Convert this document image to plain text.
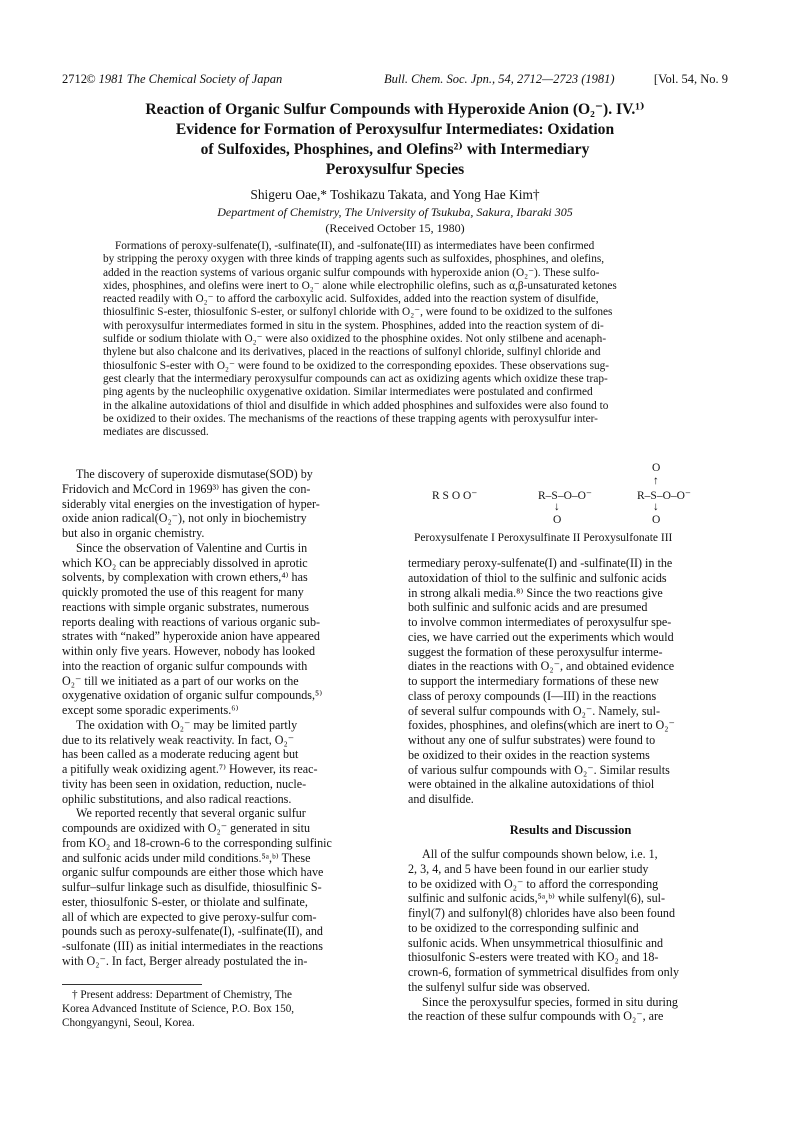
2712 © 1981 The Chemical Society of Japan	Bull. Chem. Soc. Jpn., 54, 2712—2723 (1981)	[Vol. 54, No. 9
Reaction of Organic Sulfur Compounds with Hyperoxide Anion (O₂⁻). IV.¹⁾
Evidence for Formation of Peroxysulfur Intermediates: Oxidation
of Sulfoxides, Phosphines, and Olefins²⁾ with Intermediary
Peroxysulfur Species
Shigeru Oae,* Toshikazu Takata, and Yong Hae Kim†
Department of Chemistry, The University of Tsukuba, Sakura, Ibaraki 305
(Received October 15, 1980)
Formations of peroxy-sulfenate(I), -sulfinate(II), and -sulfonate(III) as intermediates have been confirmed
by stripping the peroxy oxygen with three kinds of trapping agents such as sulfoxides, phosphines, and olefins,
added in the reaction systems of various organic sulfur compounds with hyperoxide anion (O₂⁻). These sulfo-
xides, phosphines, and olefins were inert to O₂⁻ alone while electrophilic olefins, such as α,β-unsaturated ketones
reacted readily with O₂⁻ to afford the carboxylic acid. Sulfoxides, added into the reaction system of disulfide,
thiosulfinic S-ester, thiosulfonic S-ester, or sulfonyl chloride with O₂⁻, were found to be oxidized to the sulfones
with peroxysulfur intermediates formed in situ in the system. Phosphines, added into the reaction system of di-
sulfide or sodium thiolate with O₂⁻ were also oxidized to the phosphine oxides. Not only stilbene and acenaph-
thylene but also chalcone and its derivatives, placed in the reactions of sulfonyl chloride, sulfinyl chloride and
thiosulfonic S-ester with O₂⁻ were found to be oxidized to the corresponding epoxides. These observations sug-
gest clearly that the intermediary peroxysulfur compounds can act as oxidizing agents which oxidize these trap-
ping agents by the nucleophilic oxygenative oxidation. Similar intermediates were postulated and confirmed
in the alkaline autoxidations of thiol and disulfide in which added phosphines and sulfoxides were also found to
be oxidized to their oxides. The mechanisms of the reactions of these trapping agents with peroxysulfur inter-
mediates are discussed.
The discovery of superoxide dismutase(SOD) by
Fridovich and McCord in 1969³⁾ has given the con-
siderably vital energies on the investigation of hyper-
oxide anion radical(O₂⁻), not only in biochemistry
but also in organic chemistry.
Since the observation of Valentine and Curtis in
which KO₂ can be appreciably dissolved in aprotic
solvents, by complexation with crown ethers,⁴⁾ has
quickly promoted the use of this reagent for many
reactions with simple organic substrates, numerous
reports dealing with reactions of various organic sub-
strates with “naked” hyperoxide anion have appeared
within only five years. However, nobody has looked
into the reaction of organic sulfur compounds with
O₂⁻ till we initiated as a part of our works on the
oxygenative oxidation of organic sulfur compounds,⁵⁾
except some sporadic experiments.⁶⁾
The oxidation with O₂⁻ may be limited partly
due to its relatively weak reactivity. In fact, O₂⁻
has been called as a moderate reducing agent but
a pitifully weak oxidizing agent.⁷⁾ However, its reac-
tivity has been seen in oxidation, reduction, nucle-
ophilic substitutions, and also radical reactions.
We reported recently that several organic sulfur
compounds are oxidized with O₂⁻ generated in situ
from KO₂ and 18-crown-6 to the corresponding sulfinic
and sulfonic acids under mild conditions.⁵ᵃ,ᵇ⁾ These
organic sulfur compounds are either those which have
sulfur–sulfur linkage such as disulfide, thiosulfinic S-
ester, thiosulfonic S-ester, or thiolate and sulfinate,
all of which are expected to give peroxy-sulfur com-
pounds such as peroxy-sulfenate(I), -sulfinate(II), and
-sulfonate (III) as initial intermediates in the reactions
with O₂⁻. In fact, Berger already postulated the in-
R S O O⁻	R–S–O–O⁻
↓
O
O
↑
R–S–O–O⁻
↓
O
Peroxysulfenate I Peroxysulfinate II Peroxysulfonate III
termediary peroxy-sulfenate(I) and -sulfinate(II) in the
autoxidation of thiol to the sulfinic and sulfonic acids
in strong alkali media.⁸⁾ Since the two reactions give
both sulfinic and sulfonic acids and are presumed
to involve common intermediates of peroxysulfur spe-
cies, we have carried out the experiments which would
suggest the formation of these peroxysulfur interme-
diates in the reactions with O₂⁻, and obtained evidence
to support the intermediary formations of these new
class of peroxy compounds (I—III) in the reactions
of several sulfur compounds with O₂⁻. Namely, sul-
foxides, phosphines, and olefins(which are inert to O₂⁻
without any one of sulfur substrates) were found to
be oxidized to their oxides in the reaction systems
of various sulfur compounds with O₂⁻. Similar results
were obtained in the alkaline autoxidations of thiol
and disulfide.
Results and Discussion
All of the sulfur compounds shown below, i.e. 1,
2, 3, 4, and 5 have been found in our earlier study
to be oxidized with O₂⁻ to afford the corresponding
sulfinic and sulfonic acids,⁵ᵃ,ᵇ⁾ while sulfenyl(6), sul-
finyl(7) and sulfonyl(8) chlorides have also been found
to be oxidized to the corresponding sulfinic and
sulfonic acids. When unsymmetrical thiosulfinic and
thiosulfonic S-esters were treated with KO₂ and 18-
crown-6, formation of symmetrical disulfides from only
the sulfenyl sulfur side was observed.
Since the peroxysulfur species, formed in situ during
the reaction of these sulfur compounds with O₂⁻, are
† Present address: Department of Chemistry, The
Korea Advanced Institute of Science, P.O. Box 150,
Chongyangyni, Seoul, Korea.
